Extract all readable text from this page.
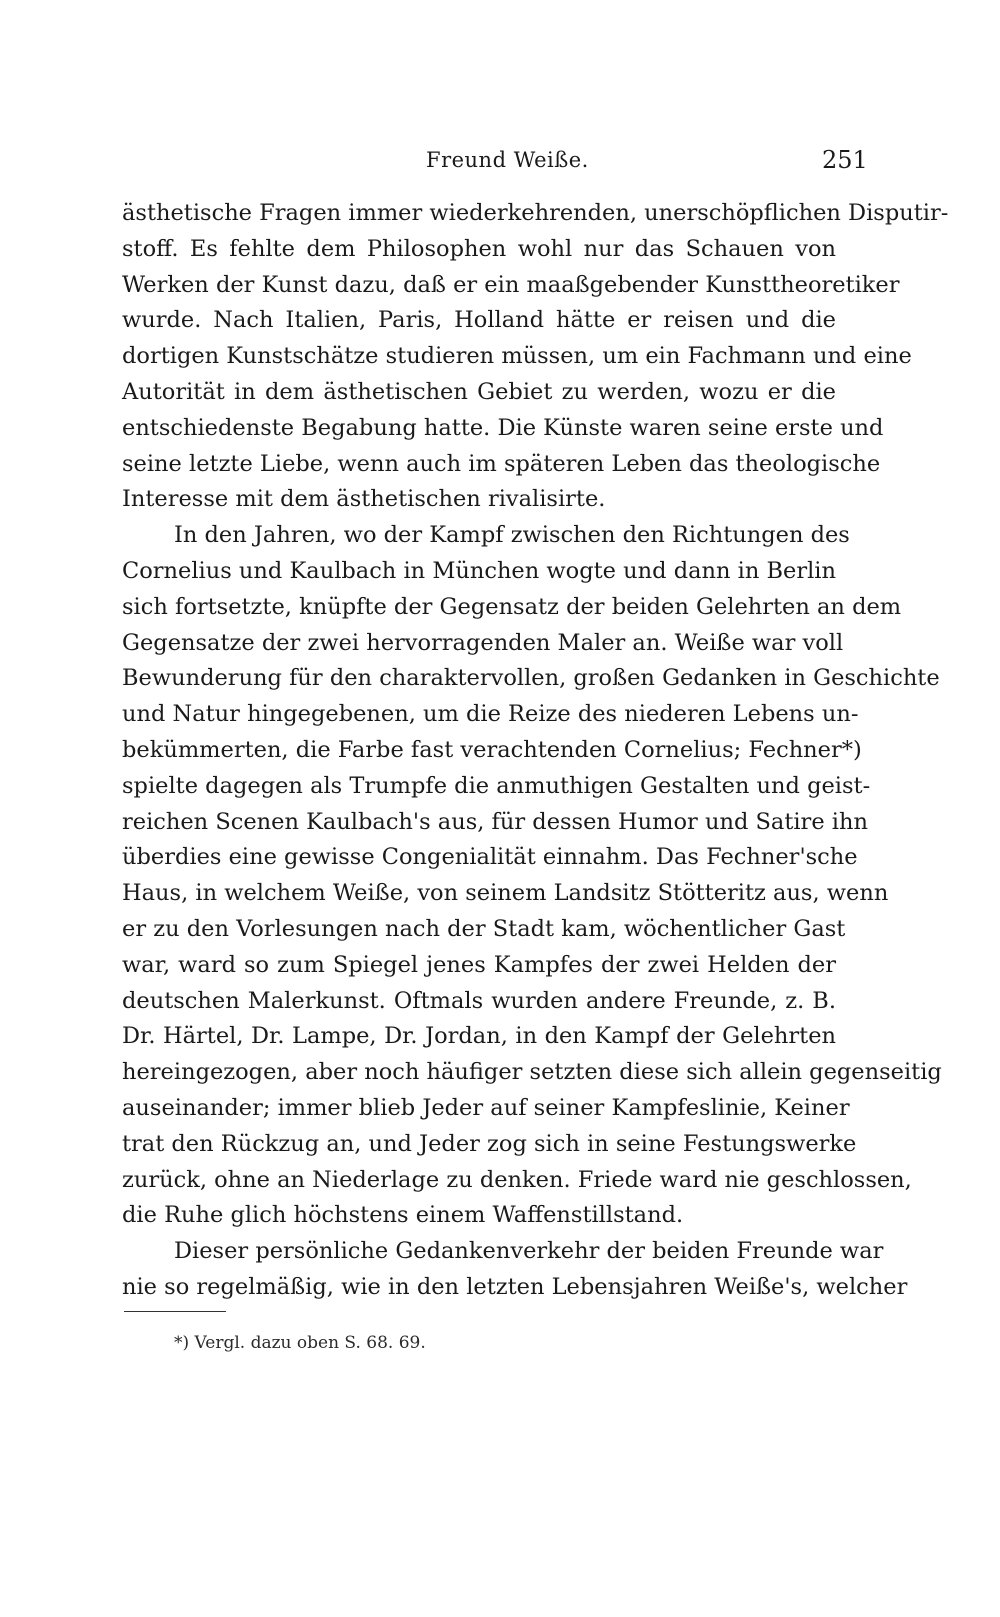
Freund Weiße.	251
ästhetische Fragen immer wiederkehrenden, unerschöpflichen Disputir-
stoff. Es fehlte dem Philosophen wohl nur das Schauen von
Werken der Kunst dazu, daß er ein maaßgebender Kunsttheoretiker
wurde. Nach Italien, Paris, Holland hätte er reisen und die
dortigen Kunstschätze studieren müssen, um ein Fachmann und eine
Autorität in dem ästhetischen Gebiet zu werden, wozu er die
entschiedenste Begabung hatte. Die Künste waren seine erste und
seine letzte Liebe, wenn auch im späteren Leben das theologische
Interesse mit dem ästhetischen rivalisirte.
In den Jahren, wo der Kampf zwischen den Richtungen des
Cornelius und Kaulbach in München wogte und dann in Berlin
sich fortsetzte, knüpfte der Gegensatz der beiden Gelehrten an dem
Gegensatze der zwei hervorragenden Maler an. Weiße war voll
Bewunderung für den charaktervollen, großen Gedanken in Geschichte
und Natur hingegebenen, um die Reize des niederen Lebens un-
bekümmerten, die Farbe fast verachtenden Cornelius; Fechner*)
spielte dagegen als Trumpfe die anmuthigen Gestalten und geist-
reichen Scenen Kaulbach's aus, für dessen Humor und Satire ihn
überdies eine gewisse Congenialität einnahm. Das Fechner'sche
Haus, in welchem Weiße, von seinem Landsitz Stötteritz aus, wenn
er zu den Vorlesungen nach der Stadt kam, wöchentlicher Gast
war, ward so zum Spiegel jenes Kampfes der zwei Helden der
deutschen Malerkunst. Oftmals wurden andere Freunde, z. B.
Dr. Härtel, Dr. Lampe, Dr. Jordan, in den Kampf der Gelehrten
hereingezogen, aber noch häufiger setzten diese sich allein gegenseitig
auseinander; immer blieb Jeder auf seiner Kampfeslinie, Keiner
trat den Rückzug an, und Jeder zog sich in seine Festungswerke
zurück, ohne an Niederlage zu denken. Friede ward nie geschlossen,
die Ruhe glich höchstens einem Waffenstillstand.
Dieser persönliche Gedankenverkehr der beiden Freunde war
nie so regelmäßig, wie in den letzten Lebensjahren Weiße's, welcher
*) Vergl. dazu oben S. 68. 69.
